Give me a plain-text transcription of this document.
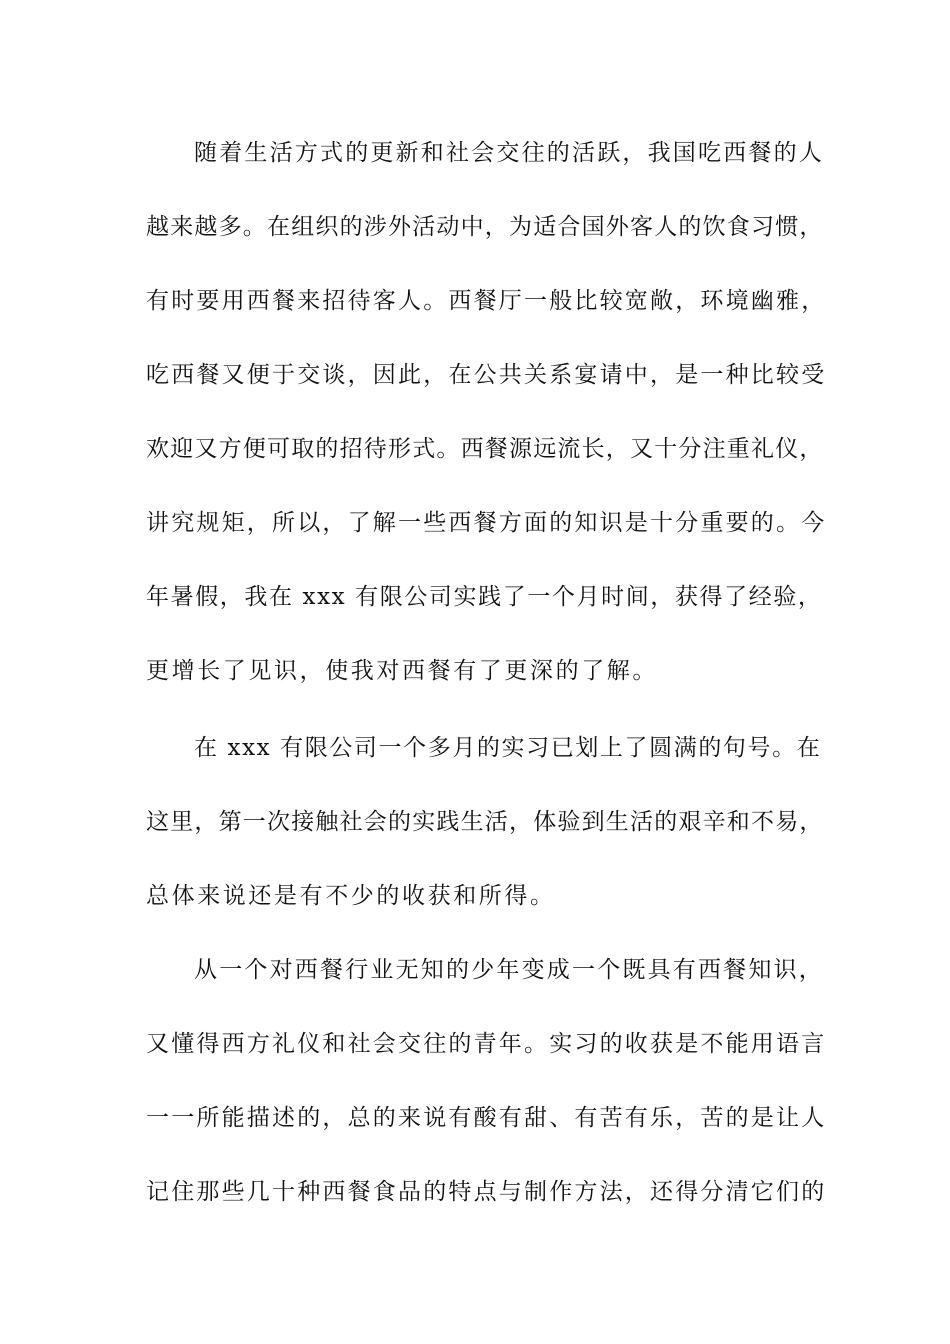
随着生活方式的更新和社会交往的活跃，我国吃西餐的人
越来越多。在组织的涉外活动中，为适合国外客人的饮食习惯，
有时要用西餐来招待客人。西餐厅一般比较宽敞，环境幽雅，
吃西餐又便于交谈，因此，在公共关系宴请中，是一种比较受
欢迎又方便可取的招待形式。西餐源远流长，又十分注重礼仪，
讲究规矩，所以，了解一些西餐方面的知识是十分重要的。今
年暑假，我在 xxx 有限公司实践了一个月时间，获得了经验，
更增长了见识，使我对西餐有了更深的了解。
在 xxx 有限公司一个多月的实习已划上了圆满的句号。在
这里，第一次接触社会的实践生活，体验到生活的艰辛和不易，
总体来说还是有不少的收获和所得。
从一个对西餐行业无知的少年变成一个既具有西餐知识，
又懂得西方礼仪和社会交往的青年。实习的收获是不能用语言
一一所能描述的，总的来说有酸有甜、有苦有乐，苦的是让人
记住那些几十种西餐食品的特点与制作方法，还得分清它们的
